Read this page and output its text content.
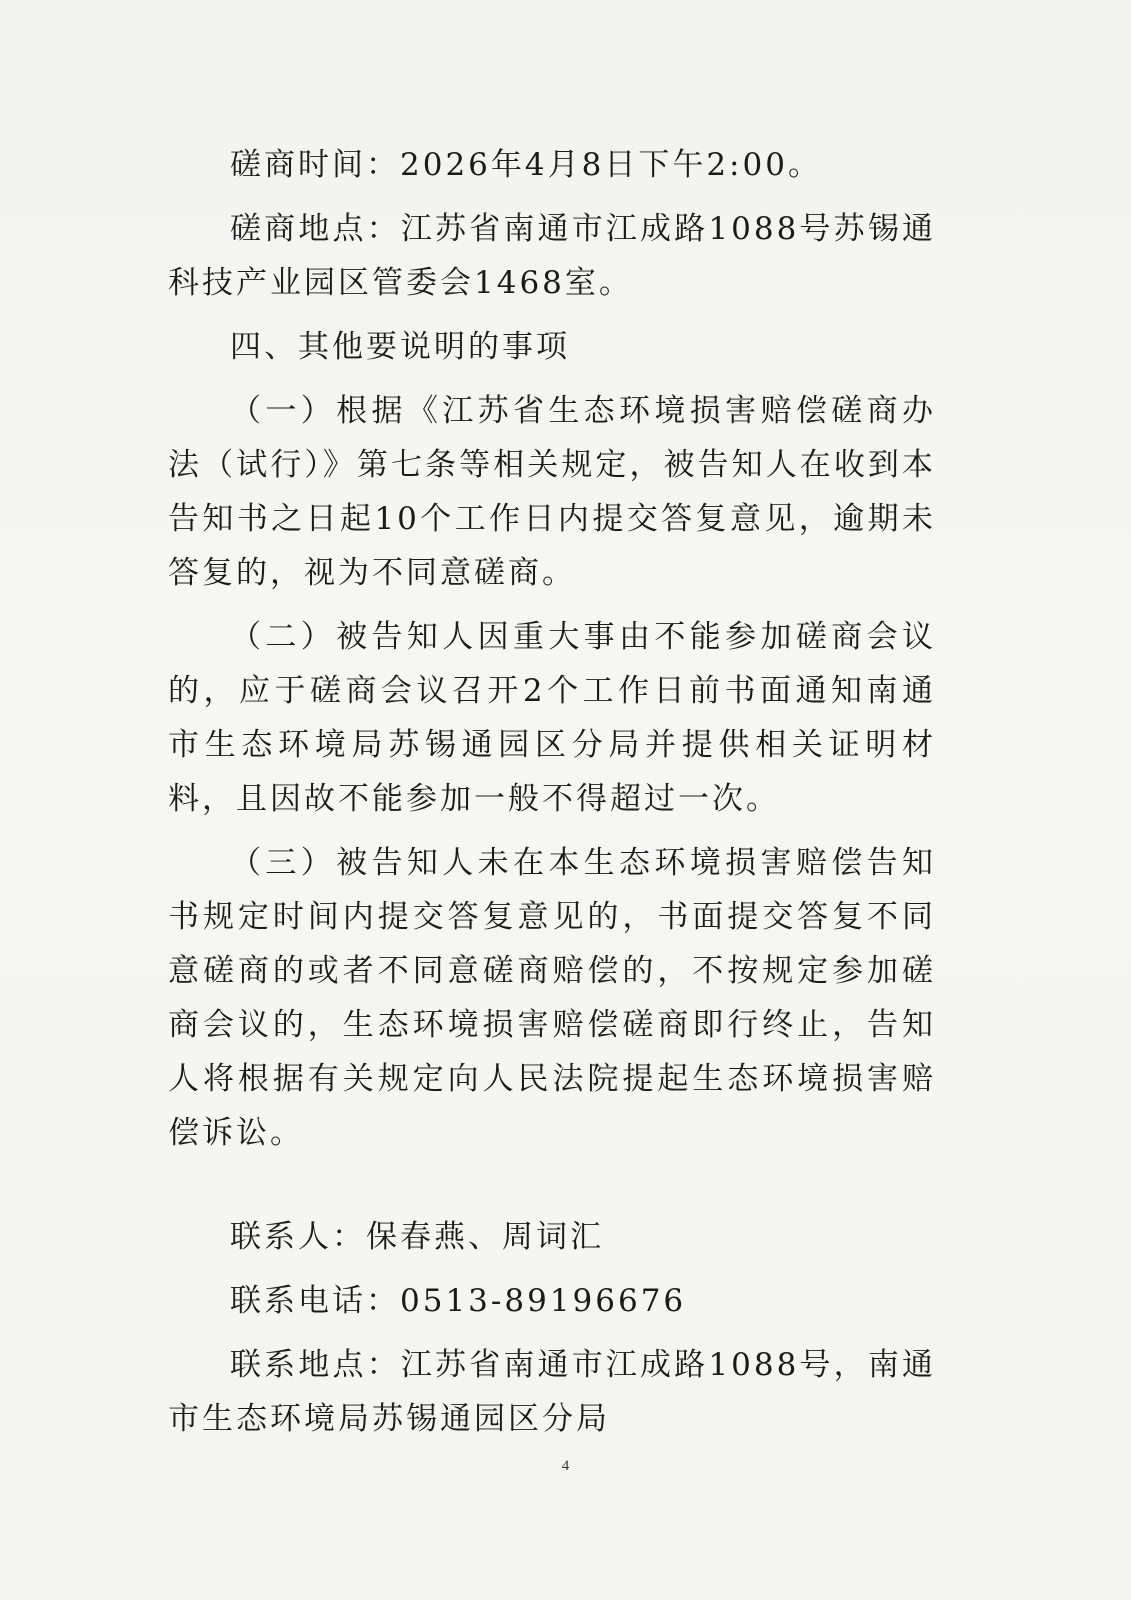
磋商时间：2026年4月8日下午2:00。

磋商地点：江苏省南通市江成路1088号苏锡通科技产业园区管委会1468室。

四、其他要说明的事项

（一）根据《江苏省生态环境损害赔偿磋商办法（试行）》第七条等相关规定，被告知人在收到本告知书之日起10个工作日内提交答复意见，逾期未答复的，视为不同意磋商。

（二）被告知人因重大事由不能参加磋商会议的，应于磋商会议召开2个工作日前书面通知南通市生态环境局苏锡通园区分局并提供相关证明材料，且因故不能参加一般不得超过一次。

（三）被告知人未在本生态环境损害赔偿告知书规定时间内提交答复意见的，书面提交答复不同意磋商的或者不同意磋商赔偿的，不按规定参加磋商会议的，生态环境损害赔偿磋商即行终止，告知人将根据有关规定向人民法院提起生态环境损害赔偿诉讼。

联系人：保春燕、周词汇

联系电话：0513-89196676

联系地点：江苏省南通市江成路1088号，南通市生态环境局苏锡通园区分局

4
